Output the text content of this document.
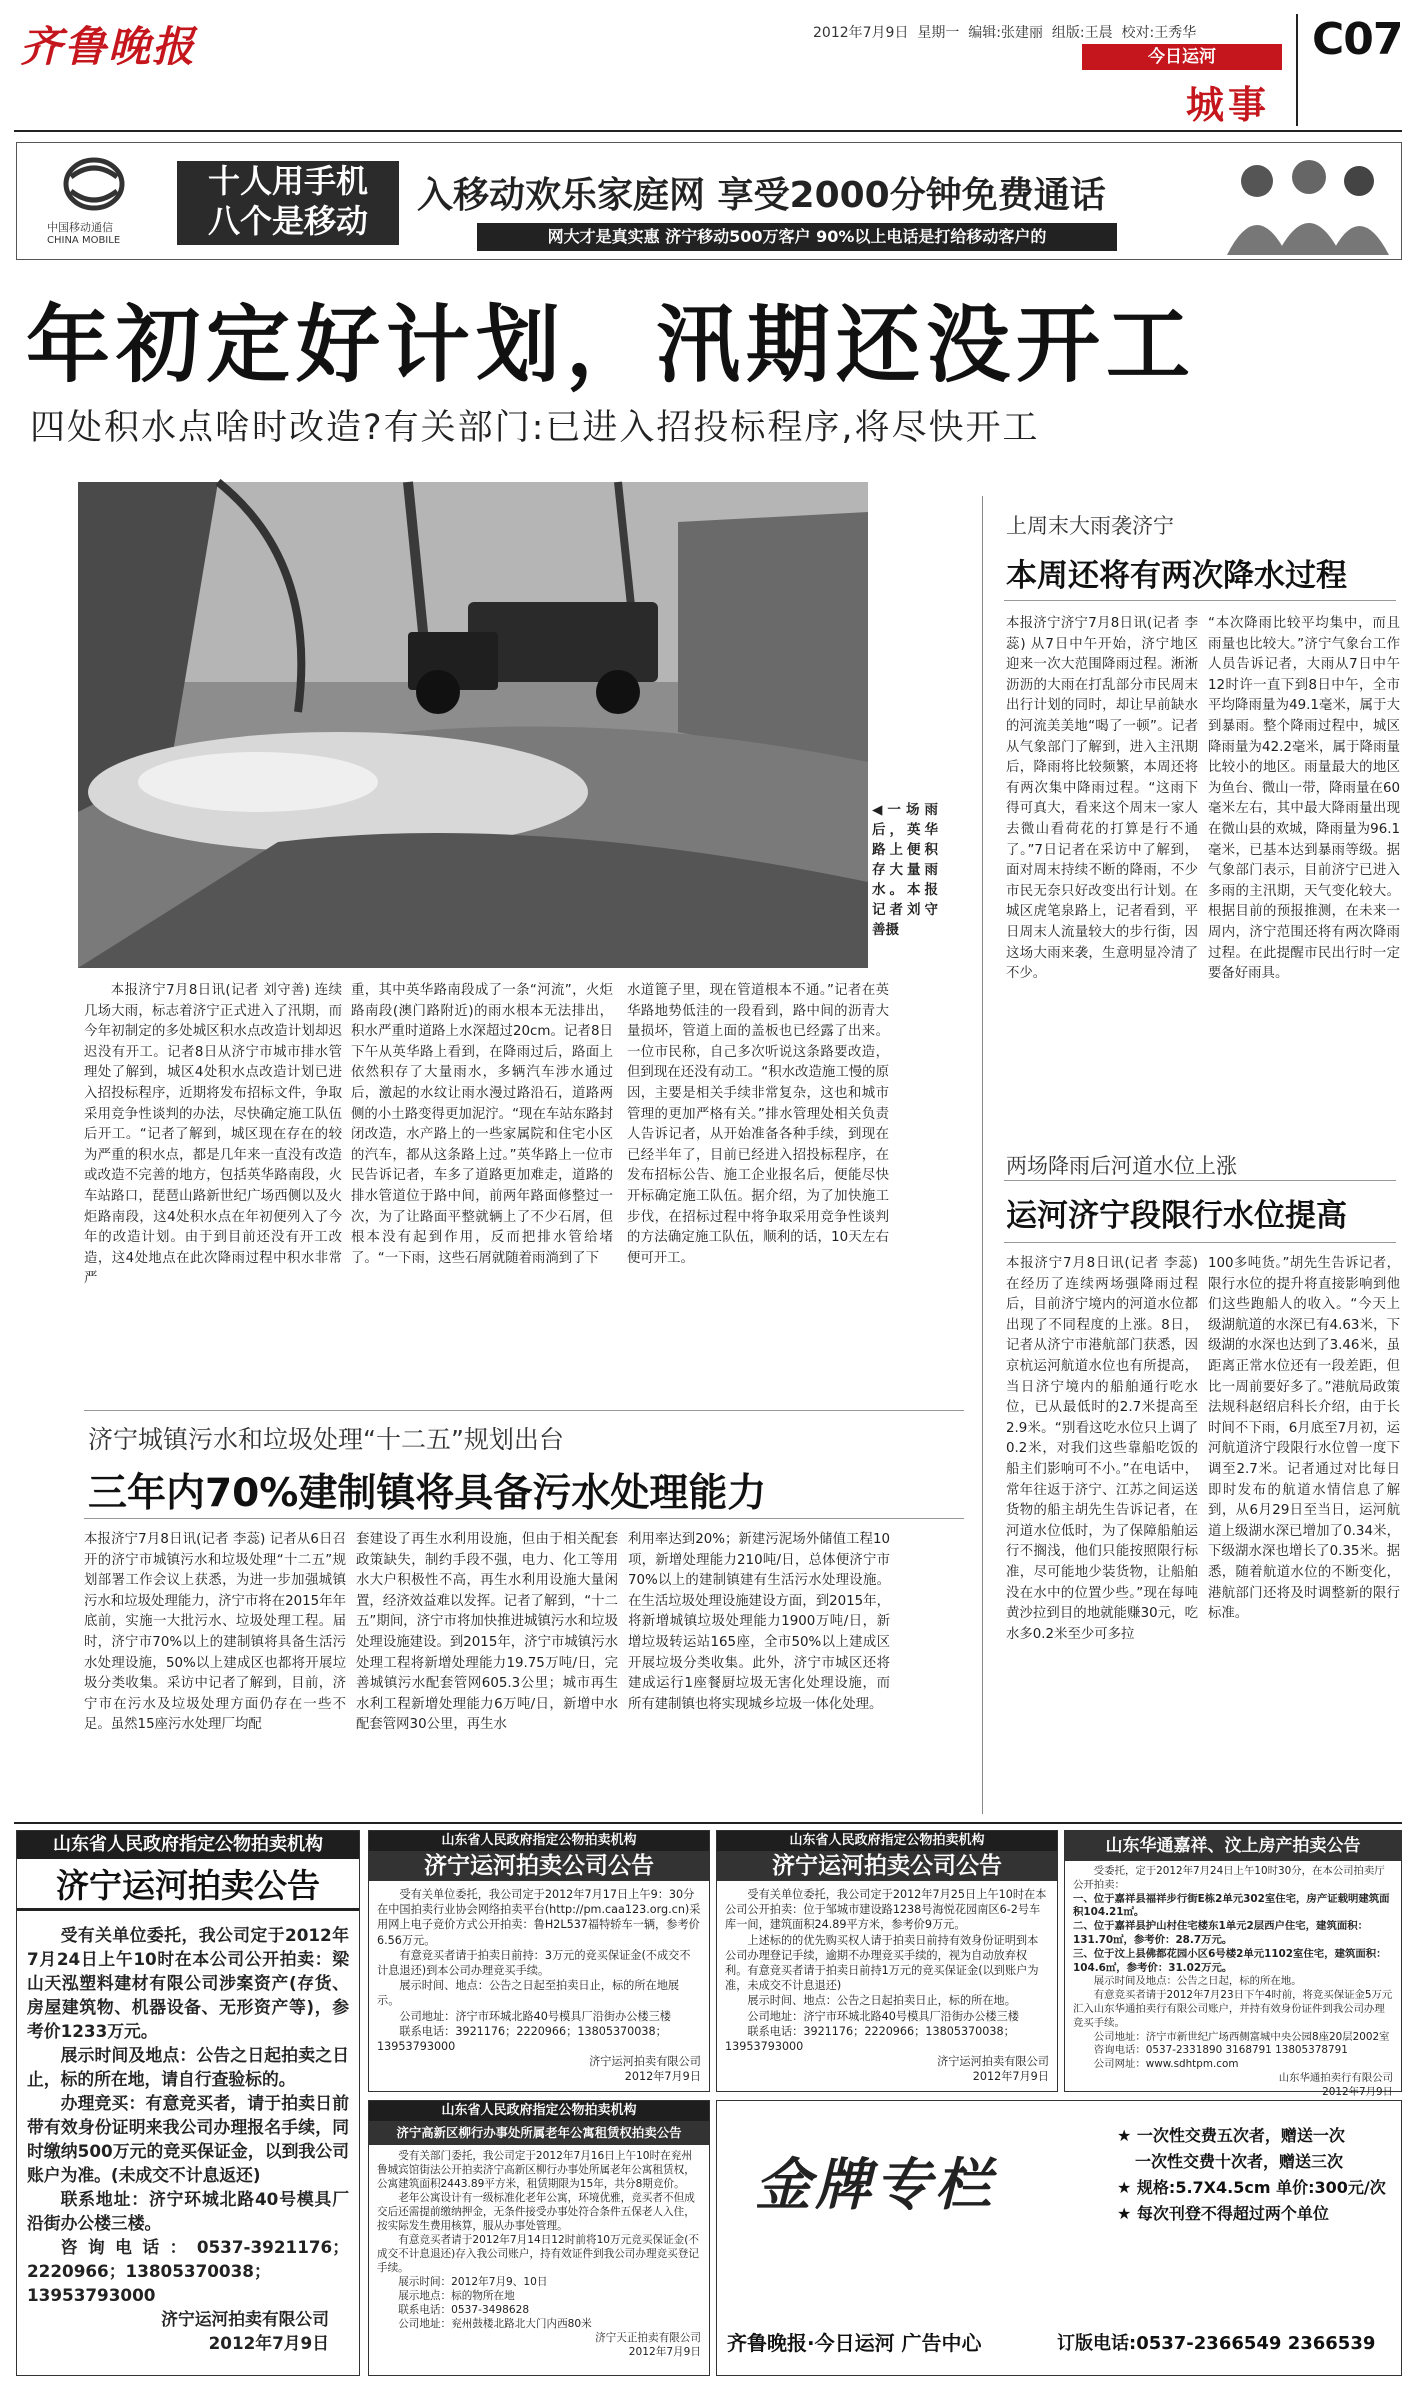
齐鲁晚报	2012年7月9日 星期一 编辑:张建丽 组版:王晨 校对:王秀华
今日运河
城事
C07
中国移动通信
CHINA MOBILE
十人用手机
八个是移动
入移动欢乐家庭网 享受2000分钟免费通话
网大才是真实惠 济宁移动500万客户 90%以上电话是打给移动客户的
年初定好计划，汛期还没开工
四处积水点啥时改造?有关部门:已进入招投标程序,将尽快开工
◀一场雨后，英华路上便积存大量雨水。本报记者刘守善摄
本报济宁7月8日讯(记者 刘守善) 连续几场大雨，标志着济宁正式进入了汛期，而今年初制定的多处城区积水点改造计划却迟迟没有开工。记者8日从济宁市城市排水管理处了解到，城区4处积水点改造计划已进入招投标程序，近期将发布招标文件，争取采用竞争性谈判的办法，尽快确定施工队伍后开工。“记者了解到，城区现在存在的较为严重的积水点，都是几年来一直没有改造或改造不完善的地方，包括英华路南段，火车站路口，琵琶山路新世纪广场西侧以及火炬路南段，这4处积水点在年初便列入了今年的改造计划。由于到目前还没有开工改造，这4处地点在此次降雨过程中积水非常严
重，其中英华路南段成了一条“河流”，火炬路南段(澳门路附近)的雨水根本无法排出，积水严重时道路上水深超过20cm。记者8日下午从英华路上看到，在降雨过后，路面上依然积存了大量雨水，多辆汽车涉水通过后，激起的水纹让雨水漫过路沿石，道路两侧的小土路变得更加泥泞。“现在车站东路封闭改造，水产路上的一些家属院和住宅小区的汽车，都从这条路上过。”英华路上一位市民告诉记者，车多了道路更加难走，道路的排水管道位于路中间，前两年路面修整过一次，为了让路面平整就辆上了不少石屑，但根本没有起到作用，反而把排水管给堵了。“一下雨，这些石屑就随着雨淌到了下
水道篦子里，现在管道根本不通。”记者在英华路地势低洼的一段看到，路中间的沥青大量损坏，管道上面的盖板也已经露了出来。一位市民称，自己多次听说这条路要改造，但到现在还没有动工。“积水改造施工慢的原因，主要是相关手续非常复杂，这也和城市管理的更加严格有关。”排水管理处相关负责人告诉记者，从开始准备各种手续，到现在已经半年了，目前已经进入招投标程序，在发布招标公告、施工企业报名后，便能尽快开标确定施工队伍。据介绍，为了加快施工步伐，在招标过程中将争取采用竞争性谈判的方法确定施工队伍，顺利的话，10天左右便可开工。
上周末大雨袭济宁
本周还将有两次降水过程
本报济宁济宁7月8日讯(记者 李蕊) 从7日中午开始，济宁地区迎来一次大范围降雨过程。淅淅沥沥的大雨在打乱部分市民周末出行计划的同时，却让早前缺水的河流美美地“喝了一顿”。记者从气象部门了解到，进入主汛期后，降雨将比较频繁，本周还将有两次集中降雨过程。“这雨下得可真大，看来这个周末一家人去微山看荷花的打算是行不通了。”7日记者在采访中了解到，面对周末持续不断的降雨，不少市民无奈只好改变出行计划。在城区虎笔泉路上，记者看到，平日周末人流量较大的步行街，因这场大雨来袭，生意明显冷清了不少。
“本次降雨比较平均集中，而且雨量也比较大。”济宁气象台工作人员告诉记者，大雨从7日中午12时许一直下到8日中午，全市平均降雨量为49.1毫米，属于大到暴雨。整个降雨过程中，城区降雨量为42.2毫米，属于降雨量比较小的地区。雨量最大的地区为鱼台、微山一带，降雨量在60毫米左右，其中最大降雨量出现在微山县的欢城，降雨量为96.1毫米，已基本达到暴雨等级。据气象部门表示，目前济宁已进入多雨的主汛期，天气变化较大。根据目前的预报推测，在未来一周内，济宁范围还将有两次降雨过程。在此提醒市民出行时一定要备好雨具。
两场降雨后河道水位上涨
运河济宁段限行水位提高
本报济宁7月8日讯(记者 李蕊) 在经历了连续两场强降雨过程后，目前济宁境内的河道水位都出现了不同程度的上涨。8日，记者从济宁市港航部门获悉，因京杭运河航道水位也有所提高，当日济宁境内的船舶通行吃水位，已从最低时的2.7米提高至2.9米。“别看这吃水位只上调了0.2米，对我们这些靠船吃饭的船主们影响可不小。”在电话中，常年往返于济宁、江苏之间运送货物的船主胡先生告诉记者，在河道水位低时，为了保障船舶运行不搁浅，他们只能按照限行标准，尽可能地少装货物，让船舶没在水中的位置少些。”现在每吨黄沙拉到目的地就能赚30元，吃水多0.2米至少可多拉
100多吨货。”胡先生告诉记者，限行水位的提升将直接影响到他们这些跑船人的收入。“今天上级湖航道的水深已有4.63米，下级湖的水深也达到了3.46米，虽距离正常水位还有一段差距，但比一周前要好多了。”港航局政策法规科赵绍启科长介绍，由于长时间不下雨，6月底至7月初，运河航道济宁段限行水位曾一度下调至2.7米。记者通过对比每日即时发布的航道水情信息了解到，从6月29日至当日，运河航道上级湖水深已增加了0.34米，下级湖水深也增长了0.35米。据悉，随着航道水位的不断变化，港航部门还将及时调整新的限行标准。
济宁城镇污水和垃圾处理“十二五”规划出台
三年内70%建制镇将具备污水处理能力
本报济宁7月8日讯(记者 李蕊) 记者从6日召开的济宁市城镇污水和垃圾处理“十二五”规划部署工作会议上获悉，为进一步加强城镇污水和垃圾处理能力，济宁市将在2015年年底前，实施一大批污水、垃圾处理工程。届时，济宁市70%以上的建制镇将具备生活污水处理设施，50%以上建成区也都将开展垃圾分类收集。采访中记者了解到，目前，济宁市在污水及垃圾处理方面仍存在一些不足。虽然15座污水处理厂均配
套建设了再生水利用设施，但由于相关配套政策缺失，制约手段不强，电力、化工等用水大户积极性不高，再生水利用设施大量闲置，经济效益难以发挥。记者了解到，“十二五”期间，济宁市将加快推进城镇污水和垃圾处理设施建设。到2015年，济宁市城镇污水处理工程将新增处理能力19.75万吨/日，完善城镇污水配套管网605.3公里；城市再生水利工程新增处理能力6万吨/日，新增中水配套管网30公里，再生水
利用率达到20%；新建污泥场外储值工程10项，新增处理能力210吨/日，总体便济宁市70%以上的建制镇建有生活污水处理设施。在生活垃圾处理设施建设方面，到2015年，将新增城镇垃圾处理能力1900万吨/日，新增垃圾转运站165座，全市50%以上建成区开展垃圾分类收集。此外，济宁市城区还将建成运行1座餐厨垃圾无害化处理设施，而所有建制镇也将实现城乡垃圾一体化处理。
山东省人民政府指定公物拍卖机构
济宁运河拍卖公告

受有关单位委托，我公司定于2012年7月24日上午10时在本公司公开拍卖：梁山天泓塑料建材有限公司涉案资产(存货、房屋建筑物、机器设备、无形资产等)，参考价1233万元。

展示时间及地点：公告之日起拍卖之日止，标的所在地，请自行查验标的。

办理竞买：有意竞买者，请于拍卖日前带有效身份证明来我公司办理报名手续，同时缴纳500万元的竞买保证金，以到我公司账户为准。(未成交不计息返还)

联系地址：济宁环城北路40号模具厂沿街办公楼三楼。

咨询电话：0537-3921176；2220966；13805370038；13953793000

济宁运河拍卖有限公司
2012年7月9日
山东省人民政府指定公物拍卖机构
济宁运河拍卖公司公告

受有关单位委托，我公司定于2012年7月17日上午9：30分在中国拍卖行业协会网络拍卖平台(http://pm.caa123.org.cn)采用网上电子竞价方式公开拍卖：鲁H2L537福特轿车一辆，参考价6.56万元。

有意竞买者请于拍卖日前持：3万元的竞买保证金(不成交不计息退还)到本公司办理竞买手续。

展示时间、地点：公告之日起至拍卖日止，标的所在地展示。

公司地址：济宁市环城北路40号模具厂沿街办公楼三楼

联系电话：3921176；2220966；13805370038；13953793000

济宁运河拍卖有限公司
2012年7月9日
山东省人民政府指定公物拍卖机构
济宁运河拍卖公司公告

受有关单位委托，我公司定于2012年7月25日上午10时在本公司公开拍卖：位于邹城市建设路1238号海悦花园南区6-2号车库一间，建筑面积24.89平方米，参考价9万元。

上述标的的优先购买权人请于拍卖日前持有效身份证明到本公司办理登记手续，逾期不办理竞买手续的，视为自动放弃权利。有意竞买者请于拍卖日前持1万元的竞买保证金(以到账户为准，未成交不计息退还)

展示时间、地点：公告之日起拍卖日止，标的所在地。

公司地址：济宁市环城北路40号模具厂沿街办公楼三楼

联系电话：3921176；2220966；13805370038；13953793000

济宁运河拍卖有限公司
2012年7月9日
山东华通嘉祥、汶上房产拍卖公告

受委托，定于2012年7月24日上午10时30分，在本公司拍卖厅公开拍卖：

一、位于嘉祥县福祥步行街E栋2单元302室住宅，房产证载明建筑面积104.21㎡。
二、位于嘉祥县护山村住宅楼东1单元2层西户住宅，建筑面积：131.70㎡，参考价：28.7万元。
三、位于汶上县佛都花园小区6号楼2单元1102室住宅，建筑面积：104.6㎡，参考价：31.02万元。

展示时间及地点：公告之日起，标的所在地。

有意竞买者请于2012年7月23日下午4时前，将竞买保证金5万元汇入山东华通拍卖行有限公司账户，并持有效身份证件到我公司办理竞买手续。

公司地址：济宁市新世纪广场西侧富城中央公园8座20层2002室

咨询电话：0537-2331890 3168791 13805378791

公司网址：www.sdhtpm.com

山东华通拍卖行有限公司
2012年7月9日
山东省人民政府指定公物拍卖机构
济宁高新区柳行办事处所属老年公寓租赁权拍卖公告

受有关部门委托，我公司定于2012年7月16日上午10时在兖州鲁城宾馆街法公开拍卖济宁高新区柳行办事处所属老年公寓租赁权，公寓建筑面积2443.89平方米，租赁期限为15年，共分8期竞价。

老年公寓设计有一级标准化老年公寓，环境优雅，竞买者不但成交后还需提前缴纳押金，无条件接受办事处符合条件五保老人入住，按实际发生费用核算，服从办事处管理。

有意竞买者请于2012年7月14日12时前将10万元竞买保证金(不成交不计息退还)存入我公司账户，持有效证件到我公司办理竞买登记手续。

展示时间：2012年7月9、10日

展示地点：标的物所在地

联系电话：0537-3498628

公司地址：兖州鼓楼北路北大门内西80米

济宁天正拍卖有限公司
2012年7月9日
金牌专栏
★ 一次性交费五次者，赠送一次
一次性交费十次者，赠送三次
★ 规格:5.7X4.5cm 单价:300元/次
★ 每次刊登不得超过两个单位
齐鲁晚报·今日运河 广告中心	订版电话:0537-2366549 2366539
